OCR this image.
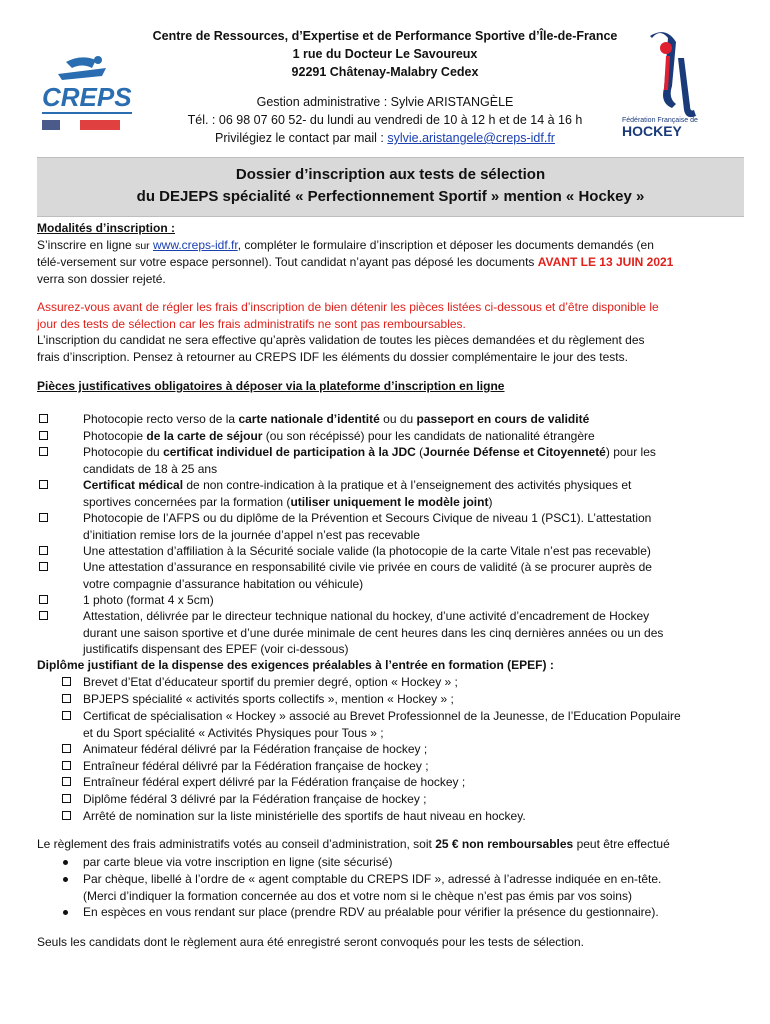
CREPS
Fédération Française de
HOCKEY
Centre de Ressources, d’Expertise et de Performance Sportive d’Île-de-France
1 rue du Docteur Le Savoureux
92291 Châtenay-Malabry Cedex
Gestion administrative : Sylvie ARISTANGÈLE
Tél. : 06 98 07 60 52- du lundi au vendredi de 10 à 12 h et de 14 à 16 h
Privilégiez le contact par mail : sylvie.aristangele@creps-idf.fr
Dossier d’inscription aux tests de sélection
du DEJEPS spécialité « Perfectionnement Sportif » mention « Hockey »
Modalités d’inscription :
S’inscrire en ligne sur www.creps-idf.fr, compléter le formulaire d’inscription et déposer les documents demandés (en
télé-versement sur votre espace personnel). Tout candidat n’ayant pas déposé les documents AVANT LE 13 JUIN 2021
verra son dossier rejeté.
Assurez-vous avant de régler les frais d’inscription de bien détenir les pièces listées ci-dessous et d’être disponible le
jour des tests de sélection car les frais administratifs ne sont pas remboursables.
L’inscription du candidat ne sera effective qu’après validation de toutes les pièces demandées et du règlement des
frais d’inscription. Pensez à retourner au CREPS IDF les éléments du dossier complémentaire le jour des tests.
Pièces justificatives obligatoires à déposer via la plateforme d’inscription en ligne
Photocopie recto verso de la carte nationale d’identité ou du passeport en cours de validité
Photocopie de la carte de séjour (ou son récépissé) pour les candidats de nationalité étrangère
Photocopie du certificat individuel de participation à la JDC (Journée Défense et Citoyenneté) pour les
candidats de 18 à 25 ans
Certificat médical de non contre-indication à la pratique et à l’enseignement des activités physiques et
sportives concernées par la formation (utiliser uniquement le modèle joint)
Photocopie de l’AFPS ou du diplôme de la Prévention et Secours Civique de niveau 1 (PSC1). L’attestation
d’initiation remise lors de la journée d’appel n’est pas recevable
Une attestation d’affiliation à la Sécurité sociale valide (la photocopie de la carte Vitale n’est pas recevable)
Une attestation d’assurance en responsabilité civile vie privée en cours de validité (à se procurer auprès de
votre compagnie d’assurance habitation ou véhicule)
1 photo (format 4 x 5cm)
Attestation, délivrée par le directeur technique national du hockey, d’une activité d’encadrement de Hockey
durant une saison sportive et d’une durée minimale de cent heures dans les cinq dernières années ou un des
justificatifs dispensant des EPEF (voir ci-dessous)
Diplôme justifiant de la dispense des exigences préalables à l’entrée en formation (EPEF) :
Brevet d’Etat d’éducateur sportif du premier degré, option « Hockey » ;
BPJEPS spécialité « activités sports collectifs », mention « Hockey » ;
Certificat de spécialisation « Hockey » associé au Brevet Professionnel de la Jeunesse, de l’Education Populaire
et du Sport spécialité « Activités Physiques pour Tous » ;
Animateur fédéral délivré par la Fédération française de hockey ;
Entraîneur fédéral délivré par la Fédération française de hockey ;
Entraîneur fédéral expert délivré par la Fédération française de hockey ;
Diplôme fédéral 3 délivré par la Fédération française de hockey ;
Arrêté de nomination sur la liste ministérielle des sportifs de haut niveau en hockey.
Le règlement des frais administratifs votés au conseil d’administration, soit 25 € non remboursables peut être effectué
par carte bleue via votre inscription en ligne (site sécurisé)
Par chèque, libellé à l’ordre de « agent comptable du CREPS IDF », adressé à l’adresse indiquée en en-tête.
(Merci d’indiquer la formation concernée au dos et votre nom si le chèque n’est pas émis par vos soins)
En espèces en vous rendant sur place (prendre RDV au préalable pour vérifier la présence du gestionnaire).
Seuls les candidats dont le règlement aura été enregistré seront convoqués pour les tests de sélection.
